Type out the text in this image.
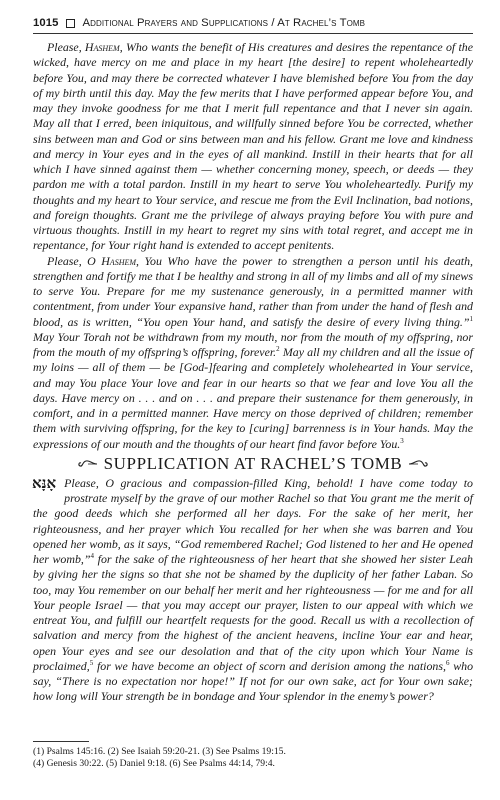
1015 Additional Prayers and Supplications / At Rachel’s Tomb

Please, Hashem, Who wants the benefit of His creatures and desires the repentance of the wicked, have mercy on me and place in my heart [the desire] to repent wholeheartedly before You, and may there be corrected whatever I have blemished before You from the day of my birth until this day. May the few merits that I have performed appear before You, and may they invoke goodness for me that I merit full repentance and that I never sin again. May all that I erred, been iniquitous, and willfully sinned before You be corrected, whether sins between man and God or sins between man and his fellow. Grant me love and kindness and mercy in Your eyes and in the eyes of all mankind. Instill in their hearts that for all which I have sinned against them — whether concerning money, speech, or deeds — they pardon me with a total pardon. Instill in my heart to serve You wholeheartedly. Purify my thoughts and my heart to Your service, and rescue me from the Evil Inclination, bad notions, and foreign thoughts. Grant me the privilege of always praying before You with pure and virtuous thoughts. Instill in my heart to regret my sins with total regret, and accept me in repentance, for Your right hand is extended to accept penitents.

Please, O Hashem, You Who have the power to strengthen a person until his death, strengthen and fortify me that I be healthy and strong in all of my limbs and all of my sinews to serve You. Prepare for me my sustenance generously, in a permitted manner with contentment, from under Your expansive hand, rather than from under the hand of flesh and blood, as is written, “You open Your hand, and satisfy the desire of every living thing.”$^1$ May Your Torah not be withdrawn from my mouth, nor from the mouth of my offspring, nor from the mouth of my offspring’s offspring, forever.$^2$ May all my children and all the issue of my loins — all of them — be [God-]fearing and completely wholehearted in Your service, and may You place Your love and fear in our hearts so that we fear and love You all the days. Have mercy on . . . and on . . . and prepare their sustenance for them generously, in comfort, and in a permitted manner. Have mercy on those deprived of children; remember them with surviving offspring, for the key to [curing] barrenness is in Your hands. May the expressions of our mouth and the thoughts of our heart find favor before You.$^3$

SUPPLICATION AT RACHEL’S TOMB

אָנָּא Please, O gracious and compassion-filled King, behold! I have come today to prostrate myself by the grave of our mother Rachel so that You grant me the merit of the good deeds which she performed all her days. For the sake of her merit, her righteousness, and her prayer which You recalled for her when she was barren and You opened her womb, as it says, “God remembered Rachel; God listened to her and He opened her womb,”$^4$ for the sake of the righteousness of her heart that she showed her sister Leah by giving her the signs so that she not be shamed by the duplicity of her father Laban. So too, may You remember on our behalf her merit and her righteousness — for me and for all Your people Israel — that you may accept our prayer, listen to our appeal with which we entreat You, and fulfill our heartfelt requests for the good. Recall us with a recollection of salvation and mercy from the highest of the ancient heavens, incline Your ear and hear, open Your eyes and see our desolation and that of the city upon which Your Name is proclaimed,$^5$ for we have become an object of scorn and derision among the nations,$^6$ who say, “There is no expectation nor hope!” If not for our own sake, act for Your own sake; how long will Your strength be in bondage and Your splendor in the enemy’s power?

(1) Psalms 145:16. (2) See Isaiah 59:20-21. (3) See Psalms 19:15.
(4) Genesis 30:22. (5) Daniel 9:18. (6) See Psalms 44:14, 79:4.
